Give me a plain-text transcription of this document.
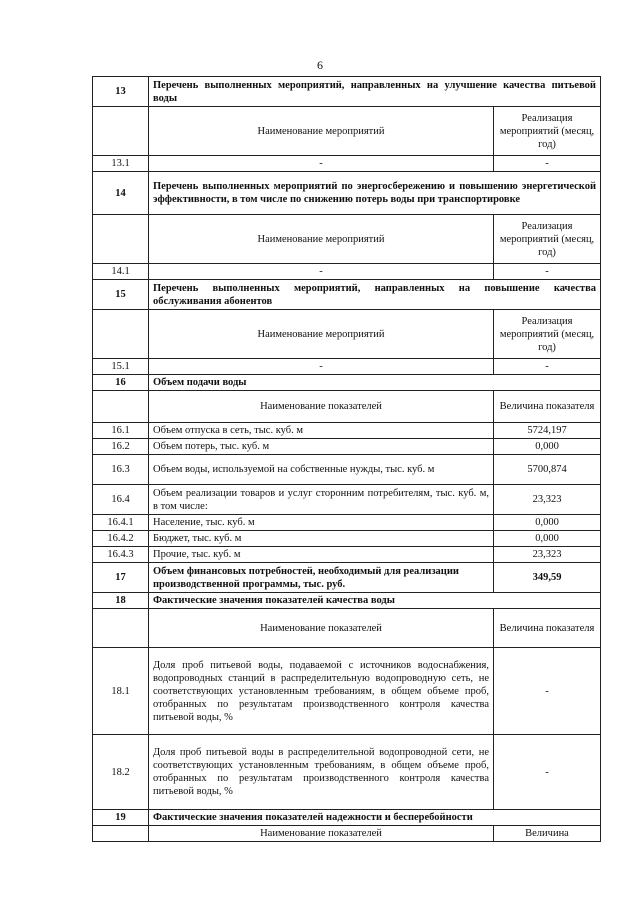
6
13	Перечень выполненных мероприятий, направленных на улучшение качества питьевой воды	
	Наименование мероприятий	Реализация мероприятий (месяц, год)
13.1	-	-
14	Перечень выполненных мероприятий по энергосбережению и повышению энергетической эффективности, в том числе по снижению потерь воды при транспортировке	
	Наименование мероприятий	Реализация мероприятий (месяц, год)
14.1	-	-
15	Перечень выполненных мероприятий, направленных на повышение качества обслуживания абонентов	
	Наименование мероприятий	Реализация мероприятий (месяц, год)
15.1	-	-
16	Объем подачи воды	
	Наименование показателей	Величина показателя
16.1	Объем отпуска в сеть, тыс. куб. м	5724,197
16.2	Объем потерь, тыс. куб. м	0,000
16.3	Объем воды, используемой на собственные нужды, тыс. куб. м	5700,874
16.4	Объем реализации товаров и услуг сторонним потребителям, тыс. куб. м, в том числе:	23,323
16.4.1	Население, тыс. куб. м	0,000
16.4.2	Бюджет, тыс. куб. м	0,000
16.4.3	Прочие, тыс. куб. м	23,323
17	Объем финансовых потребностей, необходимый для реализации производственной программы, тыс. руб.	349,59
18	Фактические значения показателей качества воды	
	Наименование показателей	Величина показателя
18.1	Доля проб питьевой воды, подаваемой с источников водоснабжения, водопроводных станций в распределительную водопроводную сеть, не соответствующих установленным требованиям, в общем объеме проб, отобранных по результатам производственного контроля качества питьевой воды, %	-
18.2	Доля проб питьевой воды в распределительной водопроводной сети, не соответствующих установленным требованиям, в общем объеме проб, отобранных по результатам производственного контроля качества питьевой воды, %	-
19	Фактические значения показателей надежности и бесперебойности	
	Наименование показателей	Величина
